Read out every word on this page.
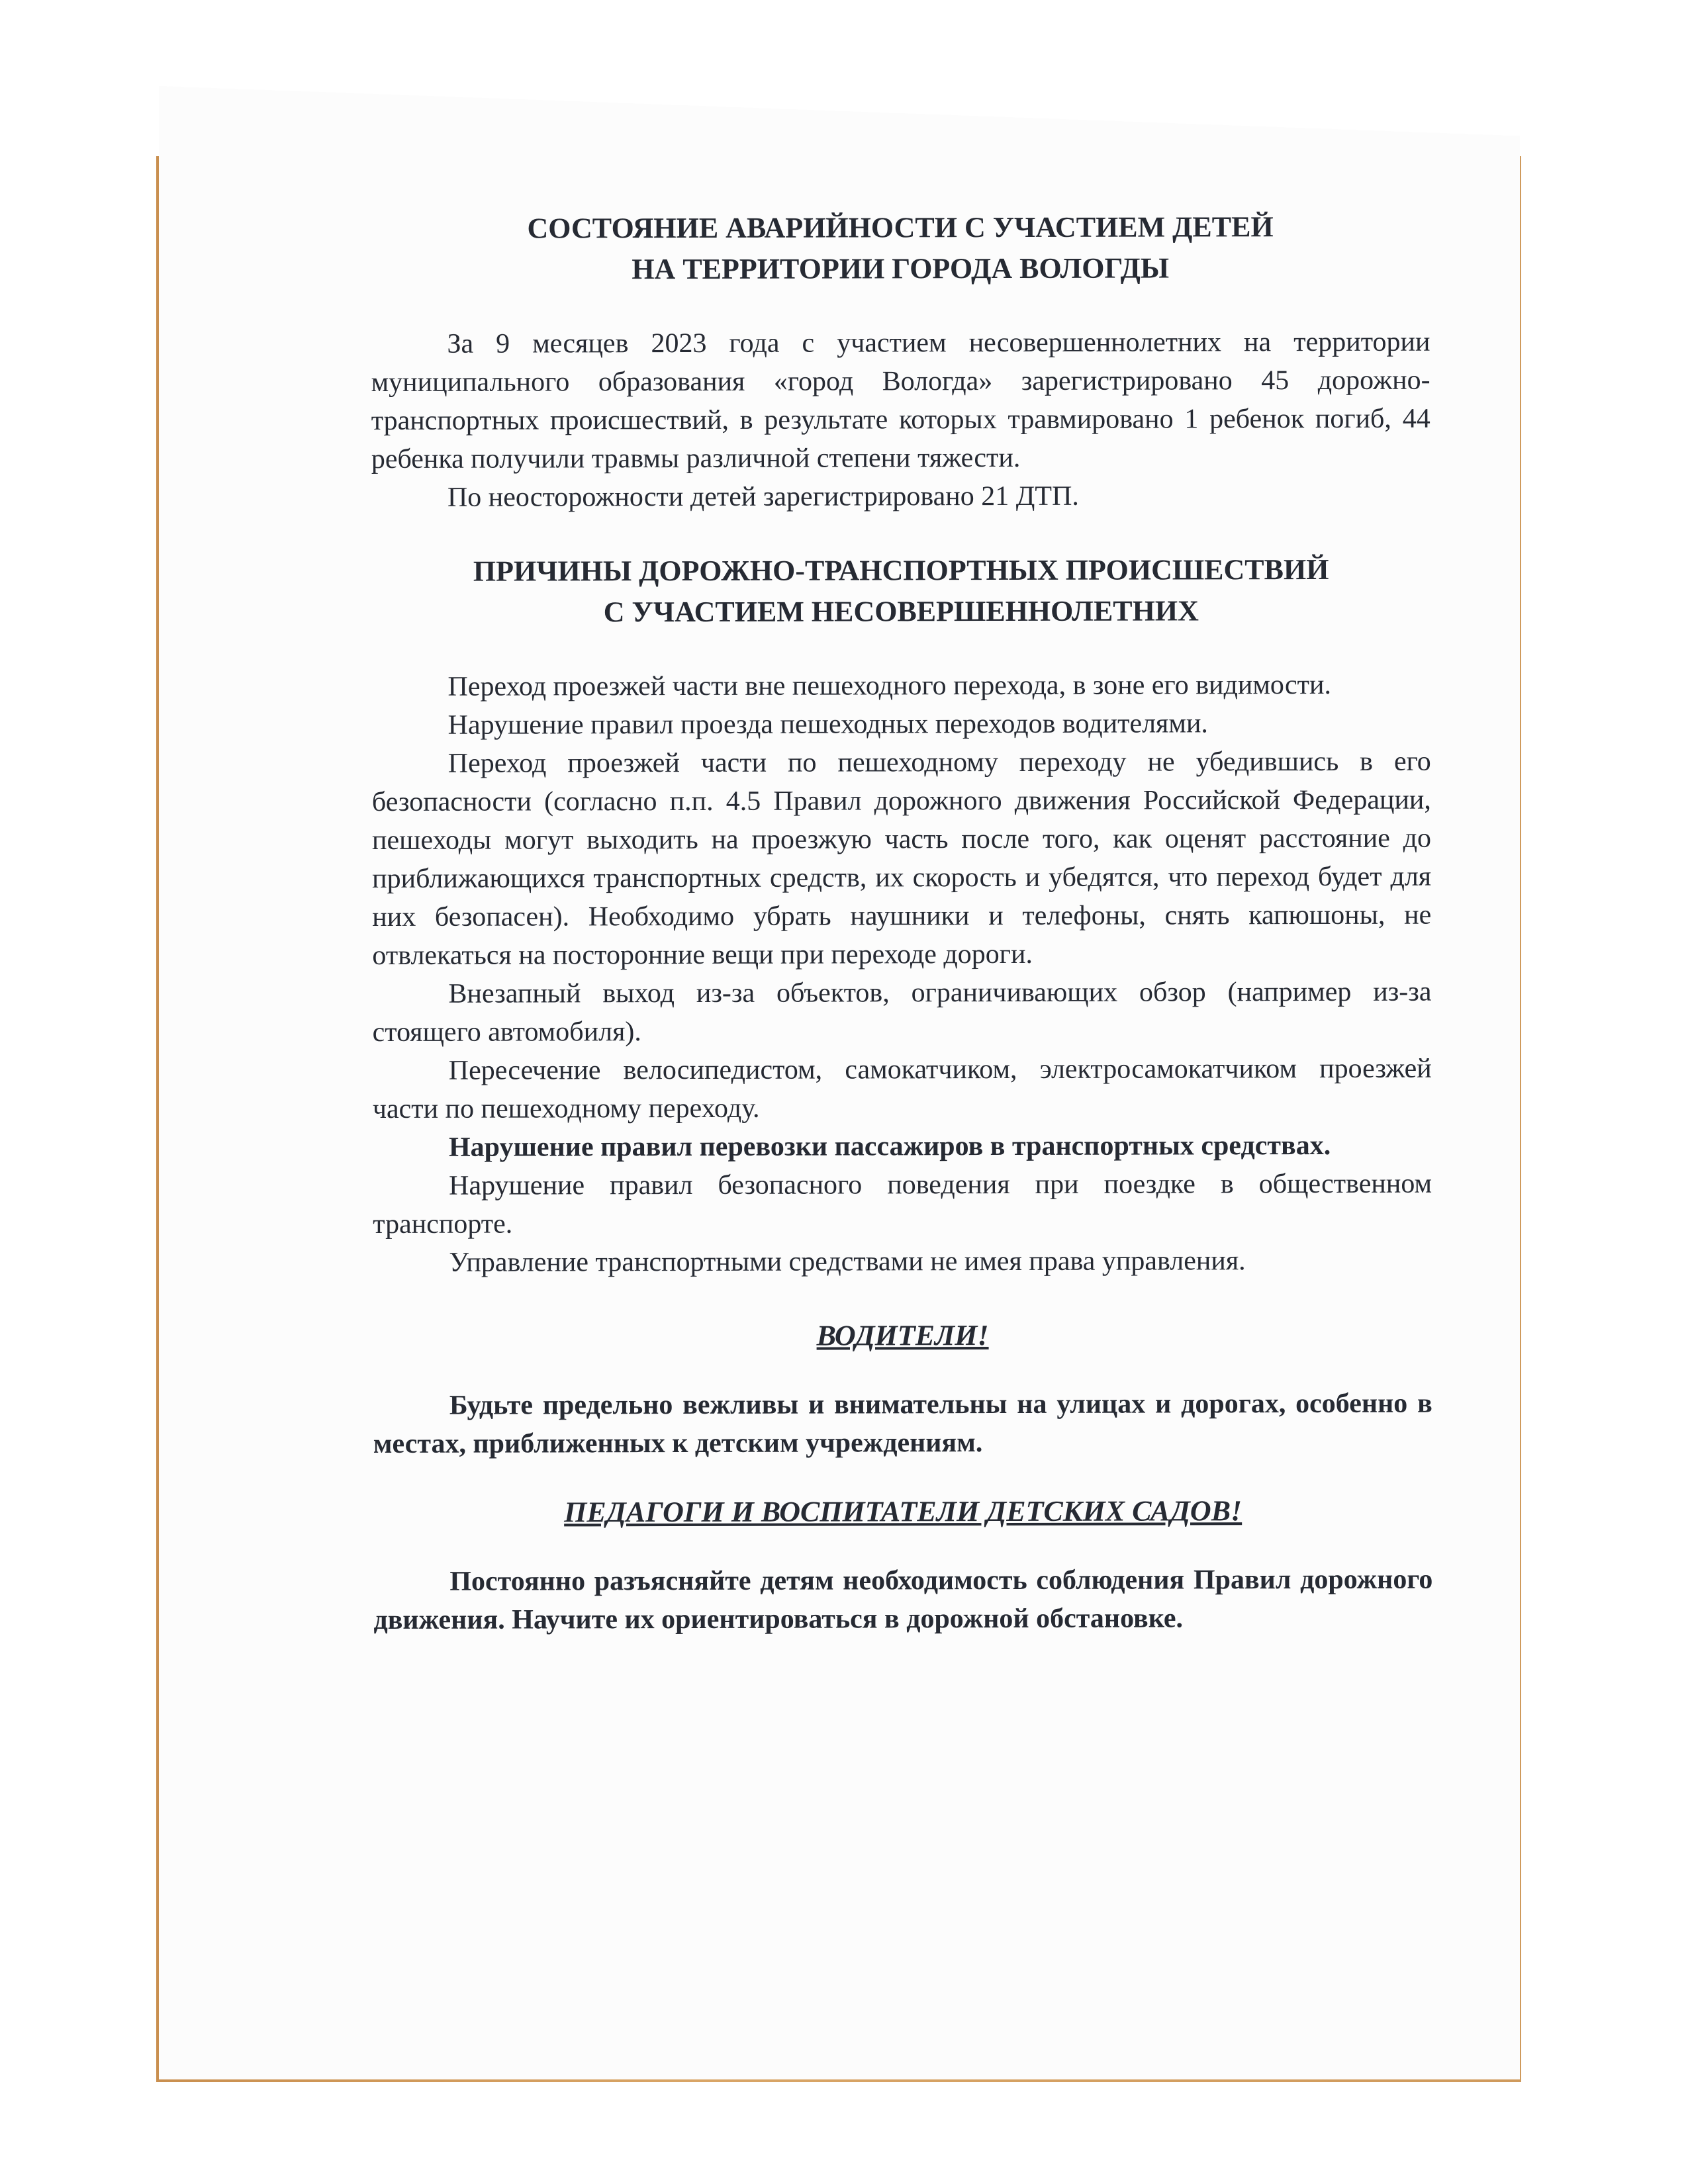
СОСТОЯНИЕ АВАРИЙНОСТИ С УЧАСТИЕМ ДЕТЕЙ
НА ТЕРРИТОРИИ ГОРОДА ВОЛОГДЫ

За 9 месяцев 2023 года с участием несовершеннолетних на территории муниципального образования «город Вологда» зарегистрировано 45 дорожно-транспортных происшествий, в результате которых травмировано 1 ребенок погиб, 44 ребенка получили травмы различной степени тяжести.

По неосторожности детей зарегистрировано 21 ДТП.

ПРИЧИНЫ ДОРОЖНО-ТРАНСПОРТНЫХ ПРОИСШЕСТВИЙ
С УЧАСТИЕМ НЕСОВЕРШЕННОЛЕТНИХ

Переход проезжей части вне пешеходного перехода, в зоне его видимости.

Нарушение правил проезда пешеходных переходов водителями.

Переход проезжей части по пешеходному переходу не убедившись в его безопасности (согласно п.п. 4.5 Правил дорожного движения Российской Федерации, пешеходы могут выходить на проезжую часть после того, как оценят расстояние до приближающихся транспортных средств, их скорость и убедятся, что переход будет для них безопасен). Необходимо убрать наушники и телефоны, снять капюшоны, не отвлекаться на посторонние вещи при переходе дороги.

Внезапный выход из-за объектов, ограничивающих обзор (например из-за стоящего автомобиля).

Пересечение велосипедистом, самокатчиком, электросамокатчиком проезжей части по пешеходному переходу.

Нарушение правил перевозки пассажиров в транспортных средствах.

Нарушение правил безопасного поведения при поездке в общественном транспорте.

Управление транспортными средствами не имея права управления.

ВОДИТЕЛИ!

Будьте предельно вежливы и внимательны на улицах и дорогах, особенно в местах, приближенных к детским учреждениям.

ПЕДАГОГИ И ВОСПИТАТЕЛИ ДЕТСКИХ САДОВ!

Постоянно разъясняйте детям необходимость соблюдения Правил дорожного движения. Научите их ориентироваться в дорожной обстановке.
